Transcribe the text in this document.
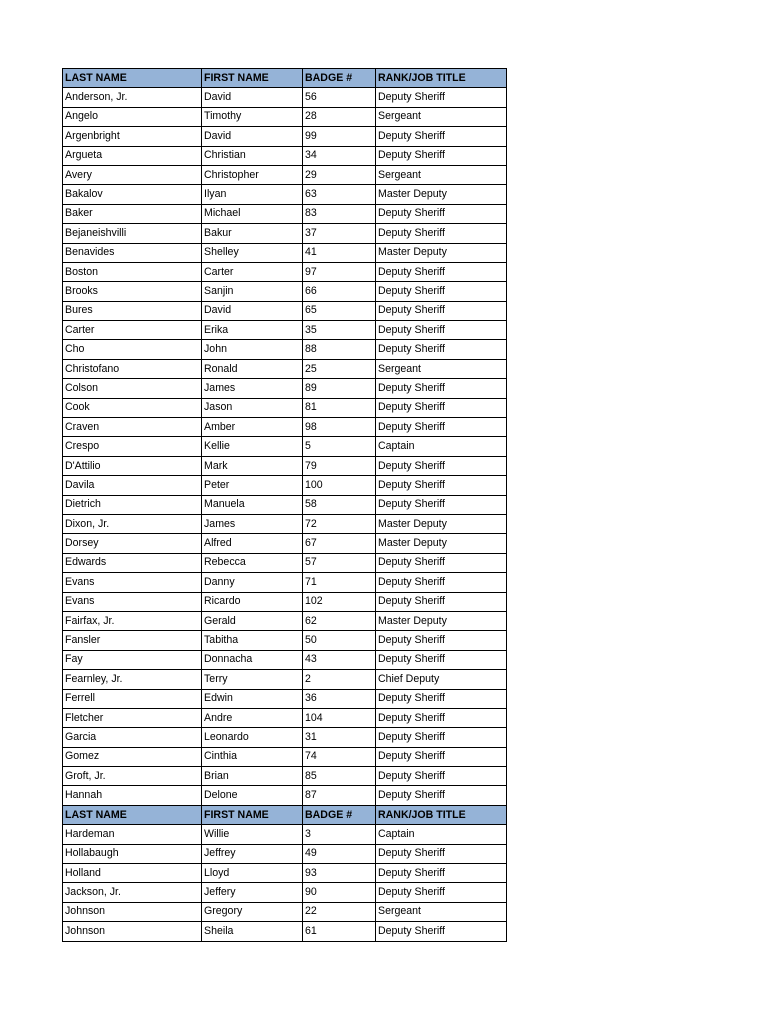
LAST NAME	FIRST NAME	BADGE #	RANK/JOB TITLE
Anderson, Jr.	David	56	Deputy Sheriff
Angelo	Timothy	28	Sergeant
Argenbright	David	99	Deputy Sheriff
Argueta	Christian	34	Deputy Sheriff
Avery	Christopher	29	Sergeant
Bakalov	Ilyan	63	Master Deputy
Baker	Michael	83	Deputy Sheriff
Bejaneishvilli	Bakur	37	Deputy Sheriff
Benavides	Shelley	41	Master Deputy
Boston	Carter	97	Deputy Sheriff
Brooks	Sanjin	66	Deputy Sheriff
Bures	David	65	Deputy Sheriff
Carter	Erika	35	Deputy Sheriff
Cho	John	88	Deputy Sheriff
Christofano	Ronald	25	Sergeant
Colson	James	89	Deputy Sheriff
Cook	Jason	81	Deputy Sheriff
Craven	Amber	98	Deputy Sheriff
Crespo	Kellie	5	Captain
D'Attilio	Mark	79	Deputy Sheriff
Davila	Peter	100	Deputy Sheriff
Dietrich	Manuela	58	Deputy Sheriff
Dixon, Jr.	James	72	Master Deputy
Dorsey	Alfred	67	Master Deputy
Edwards	Rebecca	57	Deputy Sheriff
Evans	Danny	71	Deputy Sheriff
Evans	Ricardo	102	Deputy Sheriff
Fairfax, Jr.	Gerald	62	Master Deputy
Fansler	Tabitha	50	Deputy Sheriff
Fay	Donnacha	43	Deputy Sheriff
Fearnley, Jr.	Terry	2	Chief Deputy
Ferrell	Edwin	36	Deputy Sheriff
Fletcher	Andre	104	Deputy Sheriff
Garcia	Leonardo	31	Deputy Sheriff
Gomez	Cinthia	74	Deputy Sheriff
Groft, Jr.	Brian	85	Deputy Sheriff
Hannah	Delone	87	Deputy Sheriff
LAST NAME	FIRST NAME	BADGE #	RANK/JOB TITLE
Hardeman	Willie	3	Captain
Hollabaugh	Jeffrey	49	Deputy Sheriff
Holland	Lloyd	93	Deputy Sheriff
Jackson, Jr.	Jeffery	90	Deputy Sheriff
Johnson	Gregory	22	Sergeant
Johnson	Sheila	61	Deputy Sheriff
